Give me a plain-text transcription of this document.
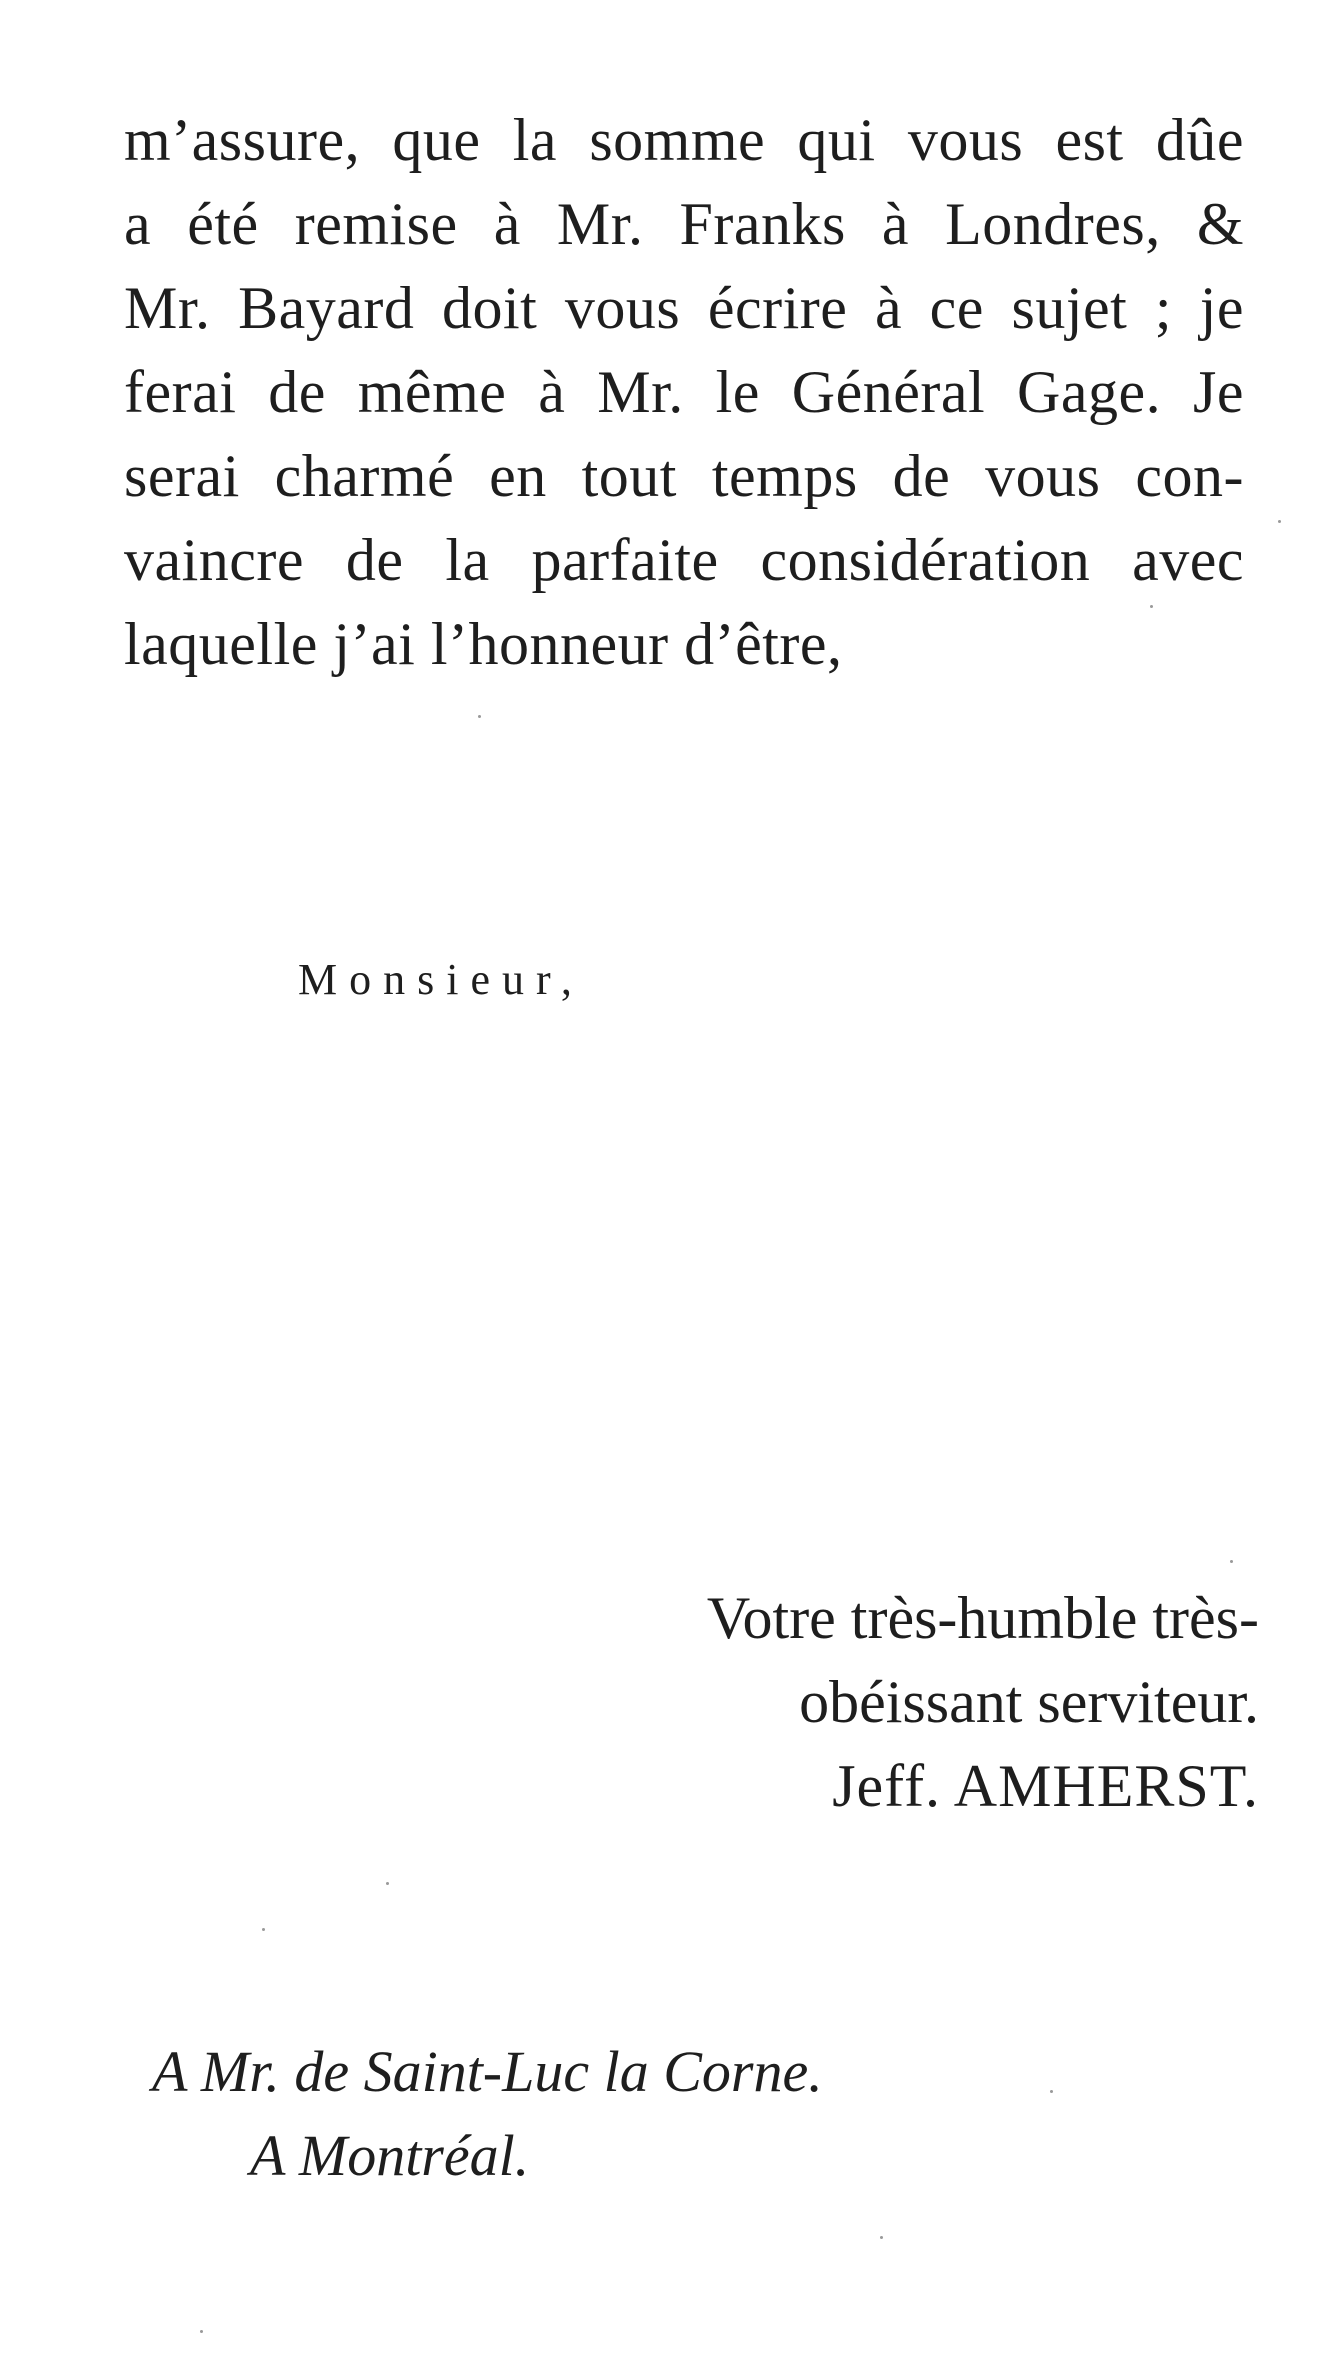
m’assure, que la somme qui vous est dûe
a été remise à Mr. Franks à Londres, &
Mr. Bayard doit vous écrire à ce sujet ; je
ferai de même à Mr. le Général Gage. Je
serai charmé en tout temps de vous con-
vaincre de la parfaite considération avec
laquelle j’ai l’honneur d’être,
Monsieur,
Votre très-humble très-
obéissant serviteur.
Jeff. AMHERST.
A Mr. de Saint-Luc la Corne.
A Montréal.
